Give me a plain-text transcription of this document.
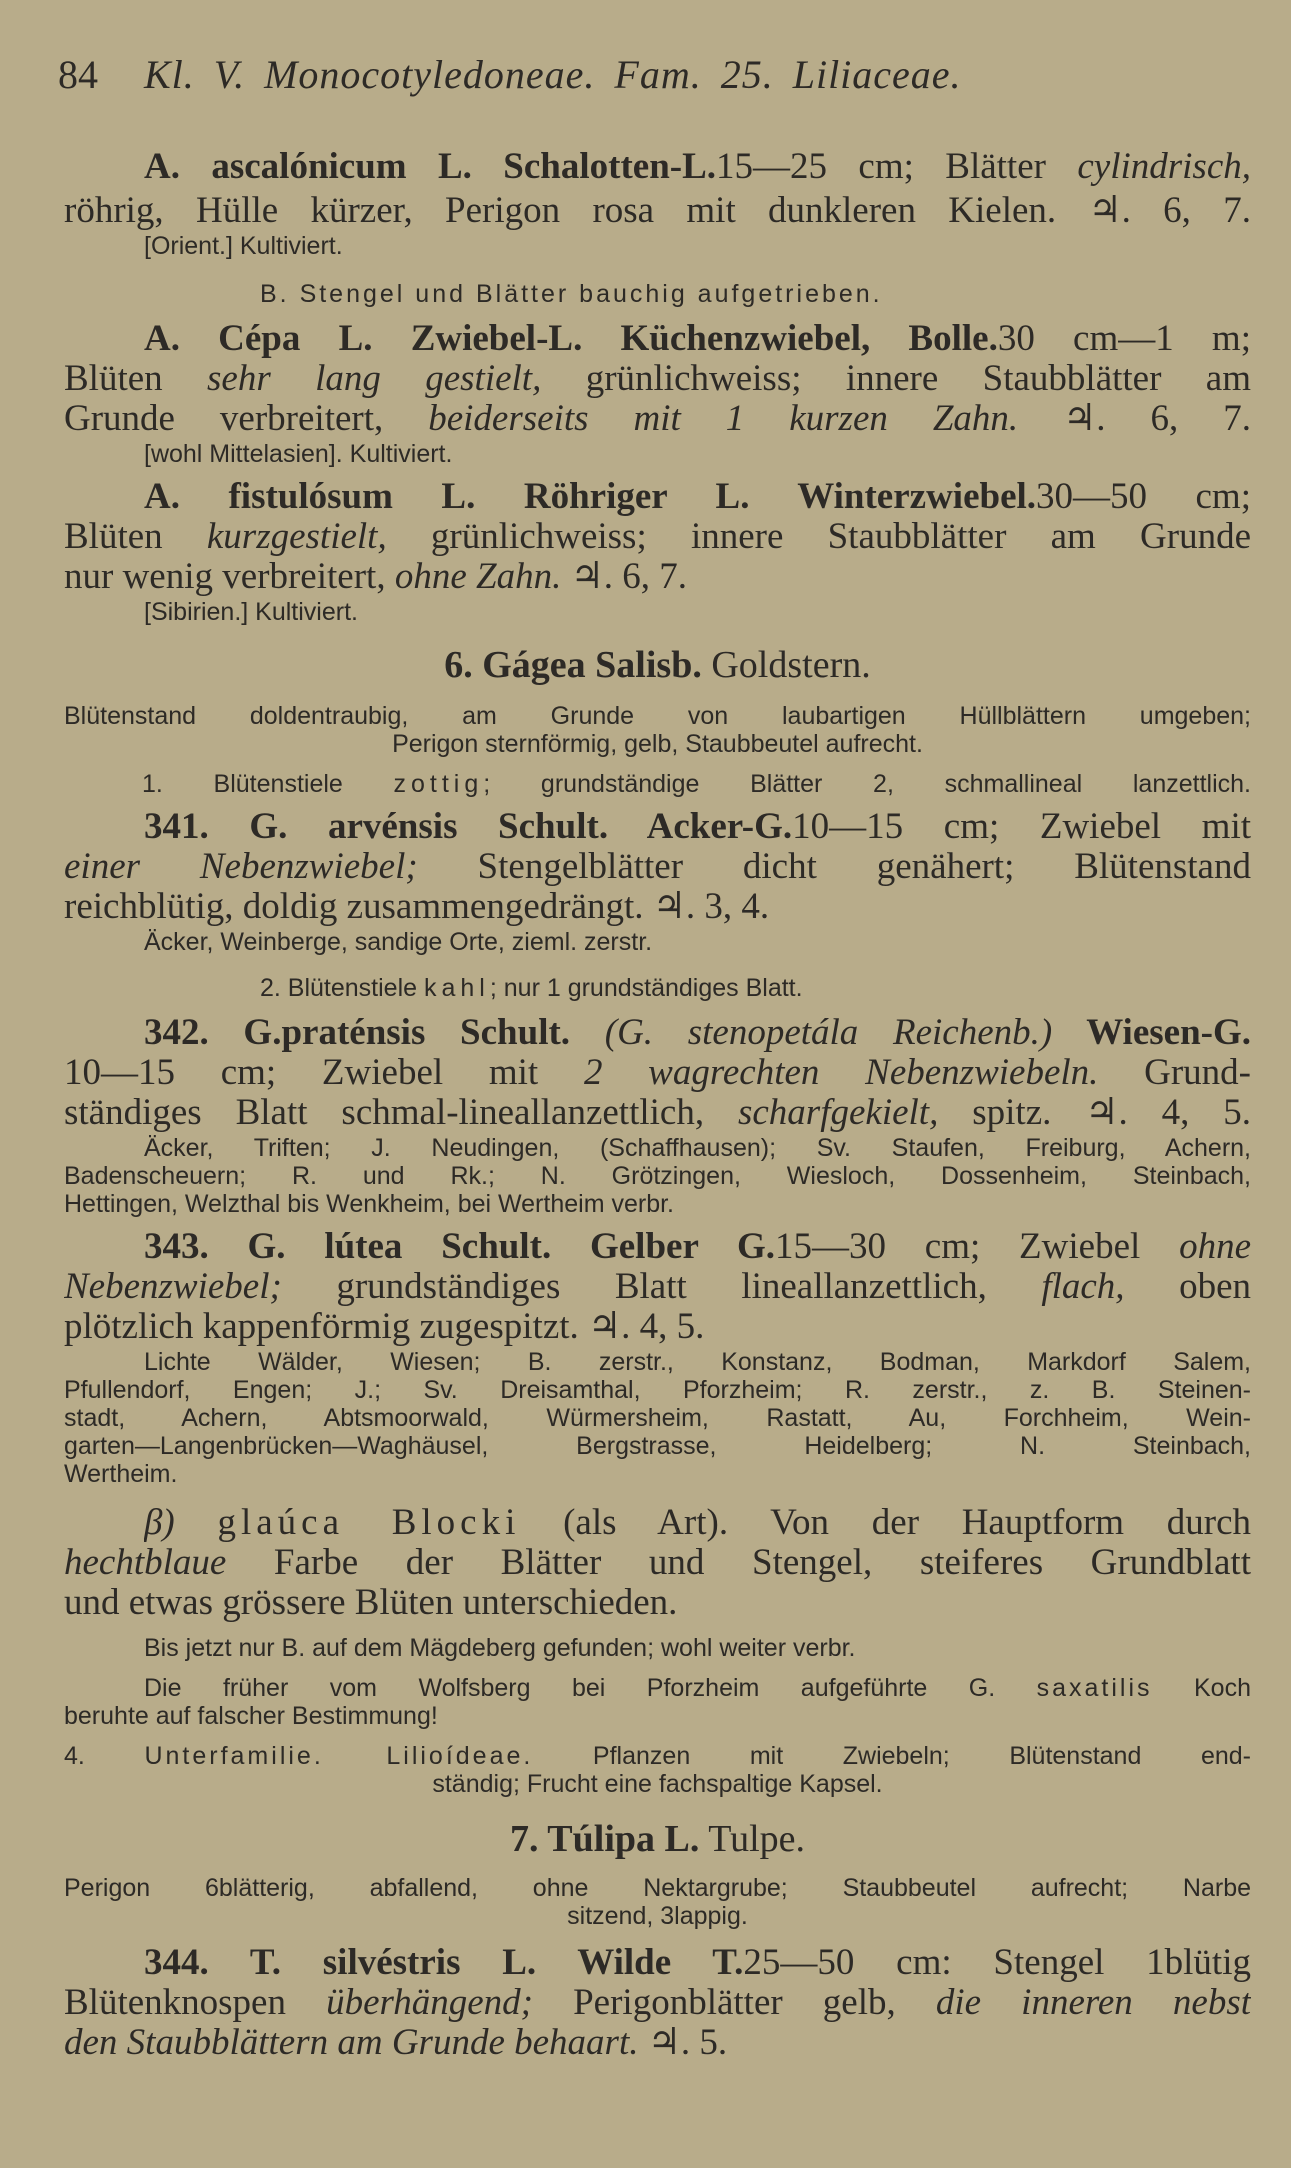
84 Kl. V. Monocotyledoneae. Fam. 25. Liliaceae.
A. ascalónicum L. Schalotten-L.15—25 cm; Blätter cylindrisch,
röhrig, Hülle kürzer, Perigon rosa mit dunkleren Kielen. ♃. 6, 7.
[Orient.] Kultiviert.
B. Stengel und Blätter bauchig aufgetrieben.
A. Cépa L. Zwiebel-L. Küchenzwiebel, Bolle.30 cm—1 m;
Blüten sehr lang gestielt, grünlichweiss; innere Staubblätter am
Grunde verbreitert, beiderseits mit 1 kurzen Zahn. ♃. 6, 7.
[wohl Mittelasien]. Kultiviert.
A. fistulósum L. Röhriger L. Winterzwiebel.30—50 cm;
Blüten kurzgestielt, grünlichweiss; innere Staubblätter am Grunde
nur wenig verbreitert, ohne Zahn. ♃. 6, 7.
[Sibirien.] Kultiviert.
6. Gágea Salisb. Goldstern.
Blütenstand doldentraubig, am Grunde von laubartigen Hüllblättern umgeben;
Perigon sternförmig, gelb, Staubbeutel aufrecht.
1. Blütenstiele zottig; grundständige Blätter 2, schmallineal lanzettlich.
341. G. arvénsis Schult. Acker-G.10—15 cm; Zwiebel mit
einer Nebenzwiebel; Stengelblätter dicht genähert; Blütenstand
reichblütig, doldig zusammengedrängt. ♃. 3, 4.
Äcker, Weinberge, sandige Orte, zieml. zerstr.
2. Blütenstiele kahl; nur 1 grundständiges Blatt.
342. G.praténsis Schult. (G. stenopetála Reichenb.) Wiesen-G.
10—15 cm; Zwiebel mit 2 wagrechten Nebenzwiebeln. Grund-
ständiges Blatt schmal-lineallanzettlich, scharfgekielt, spitz. ♃. 4, 5.
Äcker, Triften; J. Neudingen, (Schaffhausen); Sv. Staufen, Freiburg, Achern,
Badenscheuern; R. und Rk.; N. Grötzingen, Wiesloch, Dossenheim, Steinbach,
Hettingen, Welzthal bis Wenkheim, bei Wertheim verbr.
343. G. lútea Schult. Gelber G.15—30 cm; Zwiebel ohne
Nebenzwiebel; grundständiges Blatt lineallanzettlich, flach, oben
plötzlich kappenförmig zugespitzt. ♃. 4, 5.
Lichte Wälder, Wiesen; B. zerstr., Konstanz, Bodman, Markdorf Salem,
Pfullendorf, Engen; J.; Sv. Dreisamthal, Pforzheim; R. zerstr., z. B. Steinen-
stadt, Achern, Abtsmoorwald, Würmersheim, Rastatt, Au, Forchheim, Wein-
garten—Langenbrücken—Waghäusel, Bergstrasse, Heidelberg; N. Steinbach,
Wertheim.
β) glaúca Blocki (als Art). Von der Hauptform durch
hechtblaue Farbe der Blätter und Stengel, steiferes Grundblatt
und etwas grössere Blüten unterschieden.
Bis jetzt nur B. auf dem Mägdeberg gefunden; wohl weiter verbr.
Die früher vom Wolfsberg bei Pforzheim aufgeführte G. saxatilis Koch
beruhte auf falscher Bestimmung!
4. Unterfamilie. Lilioídeae. Pflanzen mit Zwiebeln; Blütenstand end-
ständig; Frucht eine fachspaltige Kapsel.
7. Túlipa L. Tulpe.
Perigon 6blätterig, abfallend, ohne Nektargrube; Staubbeutel aufrecht; Narbe
sitzend, 3lappig.
344. T. silvéstris L. Wilde T.25—50 cm: Stengel 1blütig
Blütenknospen überhängend; Perigonblätter gelb, die inneren nebst
den Staubblättern am Grunde behaart. ♃. 5.
